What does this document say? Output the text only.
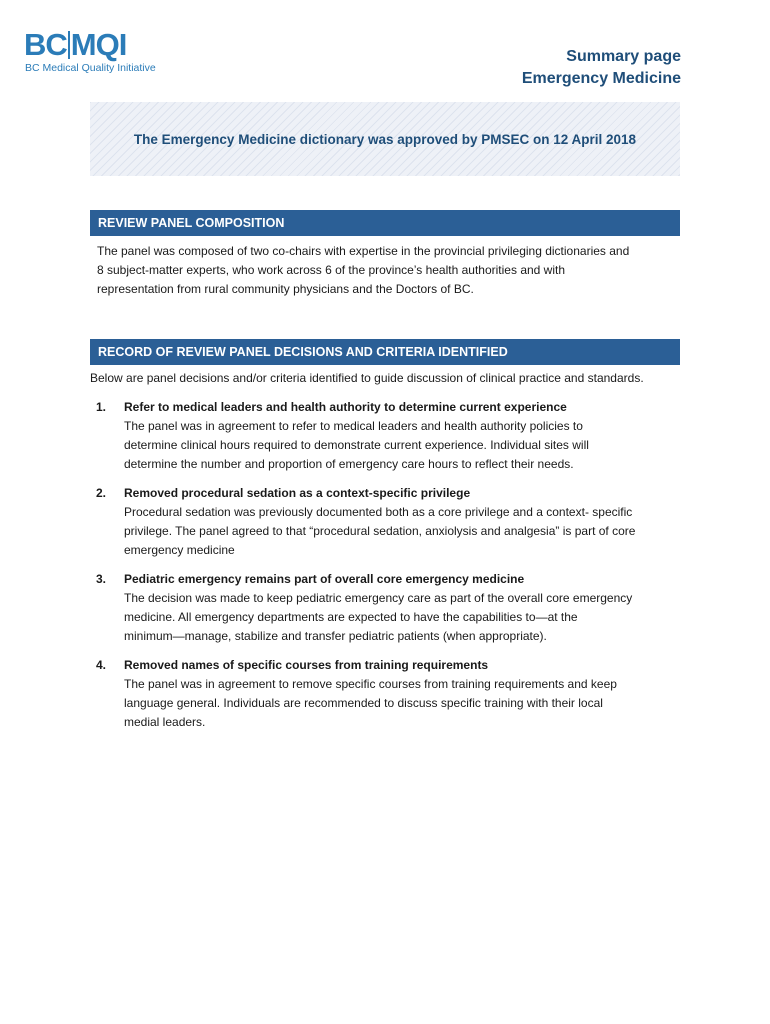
BC MQI
BC Medical Quality Initiative
Summary page
Emergency Medicine
The Emergency Medicine dictionary was approved by PMSEC on 12 April 2018
REVIEW PANEL COMPOSITION
The panel was composed of two co-chairs with expertise in the provincial privileging dictionaries and
8 subject-matter experts, who work across 6 of the province’s health authorities and with
representation from rural community physicians and the Doctors of BC.
RECORD OF REVIEW PANEL DECISIONS AND CRITERIA IDENTIFIED
Below are panel decisions and/or criteria identified to guide discussion of clinical practice and standards.
1. Refer to medical leaders and health authority to determine current experience
The panel was in agreement to refer to medical leaders and health authority policies to
determine clinical hours required to demonstrate current experience. Individual sites will
determine the number and proportion of emergency care hours to reflect their needs.
2. Removed procedural sedation as a context-specific privilege
Procedural sedation was previously documented both as a core privilege and a context- specific
privilege. The panel agreed to that “procedural sedation, anxiolysis and analgesia” is part of core
emergency medicine
3. Pediatric emergency remains part of overall core emergency medicine
The decision was made to keep pediatric emergency care as part of the overall core emergency
medicine. All emergency departments are expected to have the capabilities to—at the
minimum—manage, stabilize and transfer pediatric patients (when appropriate).
4. Removed names of specific courses from training requirements
The panel was in agreement to remove specific courses from training requirements and keep
language general. Individuals are recommended to discuss specific training with their local
medial leaders.
